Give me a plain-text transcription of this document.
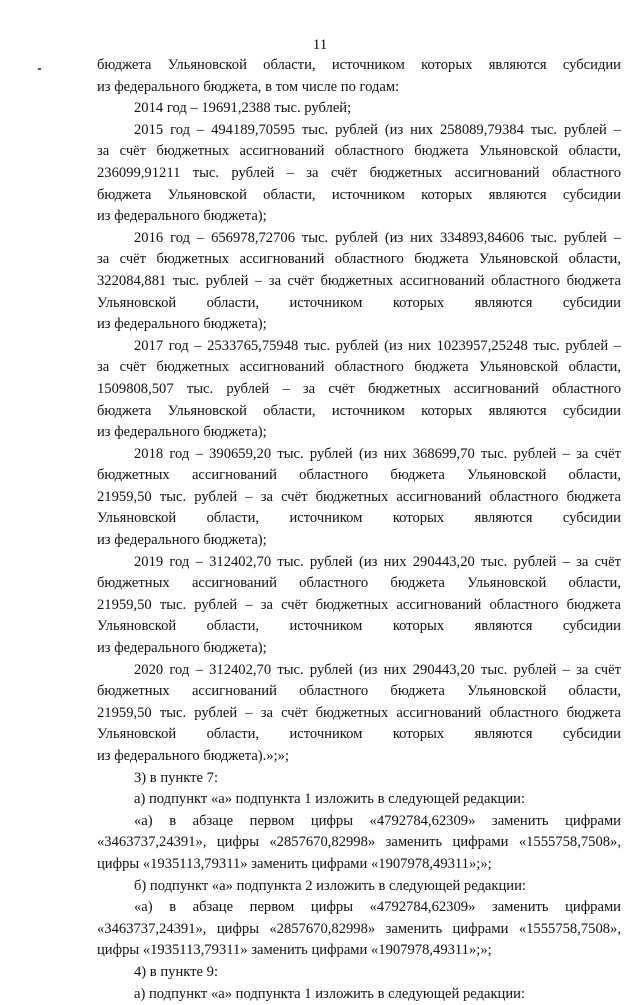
11
бюджета Ульяновской области, источником которых являются субсидии
из федерального бюджета, в том числе по годам:
2014 год – 19691,2388 тыс. рублей;
2015 год – 494189,70595 тыс. рублей (из них 258089,79384 тыс. рублей –
за счёт бюджетных ассигнований областного бюджета Ульяновской области,
236099,91211 тыс. рублей – за счёт бюджетных ассигнований областного
бюджета Ульяновской области, источником которых являются субсидии
из федерального бюджета);
2016 год – 656978,72706 тыс. рублей (из них 334893,84606 тыс. рублей –
за счёт бюджетных ассигнований областного бюджета Ульяновской области,
322084,881 тыс. рублей – за счёт бюджетных ассигнований областного бюджета
Ульяновской области, источником которых являются субсидии
из федерального бюджета);
2017 год – 2533765,75948 тыс. рублей (из них 1023957,25248 тыс. рублей –
за счёт бюджетных ассигнований областного бюджета Ульяновской области,
1509808,507 тыс. рублей – за счёт бюджетных ассигнований областного
бюджета Ульяновской области, источником которых являются субсидии
из федерального бюджета);
2018 год – 390659,20 тыс. рублей (из них 368699,70 тыс. рублей – за счёт
бюджетных ассигнований областного бюджета Ульяновской области,
21959,50 тыс. рублей – за счёт бюджетных ассигнований областного бюджета
Ульяновской области, источником которых являются субсидии
из федерального бюджета);
2019 год – 312402,70 тыс. рублей (из них 290443,20 тыс. рублей – за счёт
бюджетных ассигнований областного бюджета Ульяновской области,
21959,50 тыс. рублей – за счёт бюджетных ассигнований областного бюджета
Ульяновской области, источником которых являются субсидии
из федерального бюджета);
2020 год – 312402,70 тыс. рублей (из них 290443,20 тыс. рублей – за счёт
бюджетных ассигнований областного бюджета Ульяновской области,
21959,50 тыс. рублей – за счёт бюджетных ассигнований областного бюджета
Ульяновской области, источником которых являются субсидии
из федерального бюджета).»;»;
3) в пункте 7:
а) подпункт «а» подпункта 1 изложить в следующей редакции:
«а) в абзаце первом цифры «4792784,62309» заменить цифрами
«3463737,24391», цифры «2857670,82998» заменить цифрами «1555758,7508»,
цифры «1935113,79311» заменить цифрами «1907978,49311»;»;
б) подпункт «а» подпункта 2 изложить в следующей редакции:
«а) в абзаце первом цифры «4792784,62309» заменить цифрами
«3463737,24391», цифры «2857670,82998» заменить цифрами «1555758,7508»,
цифры «1935113,79311» заменить цифрами «1907978,49311»;»;
4) в пункте 9:
а) подпункт «а» подпункта 1 изложить в следующей редакции:
